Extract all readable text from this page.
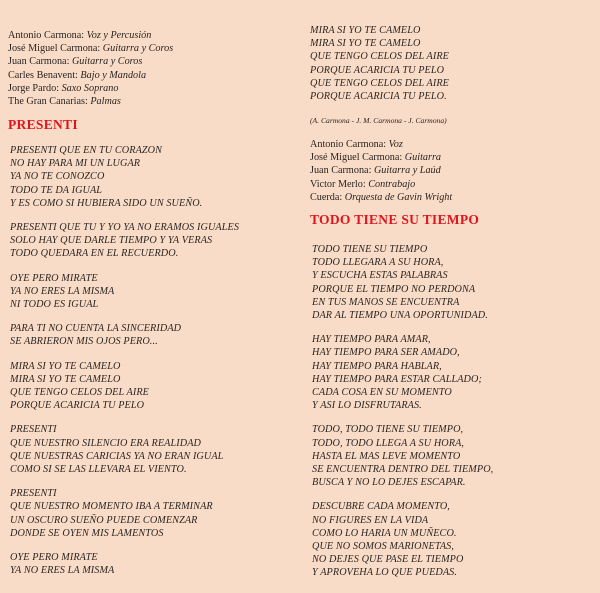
Antonio Carmona: Voz y Percusión
José Miguel Carmona: Guitarra y Coros
Juan Carmona: Guitarra y Coros
Carles Benavent: Bajo y Mandola
Jorge Pardo: Saxo Soprano
The Gran Canarias: Palmas
PRESENTI
PRESENTI QUE EN TU CORAZON
NO HAY PARA MI UN LUGAR
YA NO TE CONOZCO
TODO TE DA IGUAL
Y ES COMO SI HUBIERA SIDO UN SUEÑO.
PRESENTI QUE TU Y YO YA NO ERAMOS IGUALES
SOLO HAY QUE DARLE TIEMPO Y YA VERAS
TODO QUEDARA EN EL RECUERDO.
OYE PERO MIRATE
YA NO ERES LA MISMA
NI TODO ES IGUAL
PARA TI NO CUENTA LA SINCERIDAD
SE ABRIERON MIS OJOS PERO...
MIRA SI YO TE CAMELO
MIRA SI YO TE CAMELO
QUE TENGO CELOS DEL AIRE
PORQUE ACARICIA TU PELO
PRESENTI
QUE NUESTRO SILENCIO ERA REALIDAD
QUE NUESTRAS CARICIAS YA NO ERAN IGUAL
COMO SI SE LAS LLEVARA EL VIENTO.
PRESENTI
QUE NUESTRO MOMENTO IBA A TERMINAR
UN OSCURO SUEÑO PUEDE COMENZAR
DONDE SE OYEN MIS LAMENTOS
OYE PERO MIRATE
YA NO ERES LA MISMA
MIRA SI YO TE CAMELO
MIRA SI YO TE CAMELO
QUE TENGO CELOS DEL AIRE
PORQUE ACARICIA TU PELO
QUE TENGO CELOS DEL AIRE
PORQUE ACARICIA TU PELO.
(A. Carmona - J. M. Carmona - J. Carmona)
Antonio Carmona: Voz
José Miguel Carmona: Guitarra
Juan Carmona: Guitarra y Laúd
Victor Merlo: Contrabajo
Cuerda: Orquesta de Gavin Wright
TODO TIENE SU TIEMPO
TODO TIENE SU TIEMPO
TODO LLEGARA A SU HORA,
Y ESCUCHA ESTAS PALABRAS
PORQUE EL TIEMPO NO PERDONA
EN TUS MANOS SE ENCUENTRA
DAR AL TIEMPO UNA OPORTUNIDAD.
HAY TIEMPO PARA AMAR,
HAY TIEMPO PARA SER AMADO,
HAY TIEMPO PARA HABLAR,
HAY TIEMPO PARA ESTAR CALLADO;
CADA COSA EN SU MOMENTO
Y ASI LO DISFRUTARAS.
TODO, TODO TIENE SU TIEMPO,
TODO, TODO LLEGA A SU HORA,
HASTA EL MAS LEVE MOMENTO
SE ENCUENTRA DENTRO DEL TIEMPO,
BUSCA Y NO LO DEJES ESCAPAR.
DESCUBRE CADA MOMENTO,
NO FIGURES EN LA VIDA
COMO LO HARIA UN MUÑECO.
QUE NO SOMOS MARIONETAS,
NO DEJES QUE PASE EL TIEMPO
Y APROVEHA LO QUE PUEDAS.
